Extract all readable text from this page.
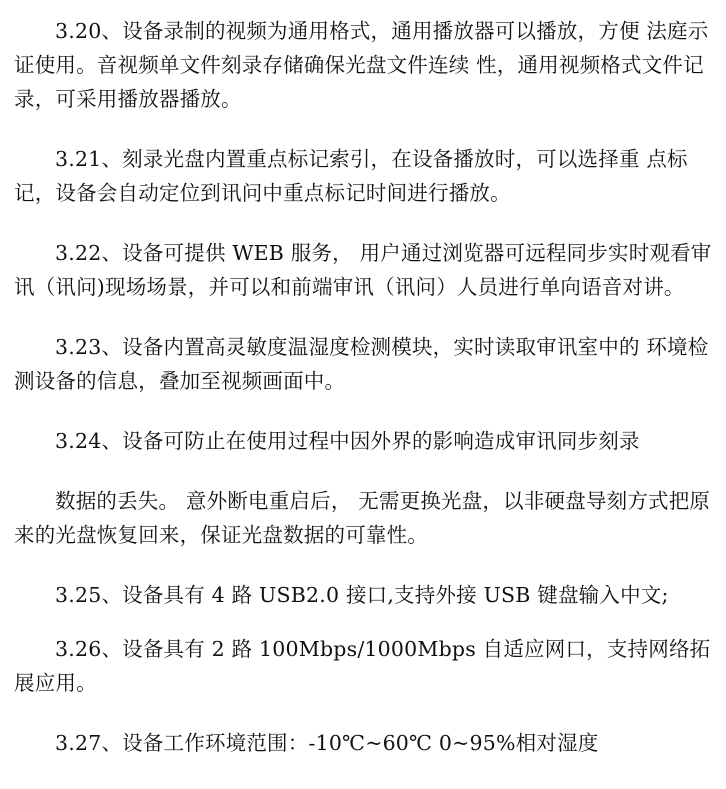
3.20、设备录制的视频为通用格式，通用播放器可以播放，方便 法庭示证使用。音视频单文件刻录存储确保光盘文件连续 性，通用视频格式文件记录，可采用播放器播放。

3.21、刻录光盘内置重点标记索引，在设备播放时，可以选择重 点标记，设备会自动定位到讯问中重点标记时间进行播放。

3.22、设备可提供 WEB 服务， 用户通过浏览器可远程同步实时观看审讯（讯问)现场场景，并可以和前端审讯（讯问）人员进行单向语音对讲。

3.23、设备内置高灵敏度温湿度检测模块，实时读取审讯室中的 环境检测设备的信息，叠加至视频画面中。

3.24、设备可防止在使用过程中因外界的影响造成审讯同步刻录

数据的丢失。 意外断电重启后， 无需更换光盘，以非硬盘导刻方式把原来的光盘恢复回来，保证光盘数据的可靠性。

3.25、设备具有 4 路 USB2.0 接口,支持外接 USB 键盘输入中文;

3.26、设备具有 2 路 100Mbps/1000Mbps 自适应网口，支持网络拓展应用。

3.27、设备工作环境范围：-10℃~60℃ 0~95%相对湿度
